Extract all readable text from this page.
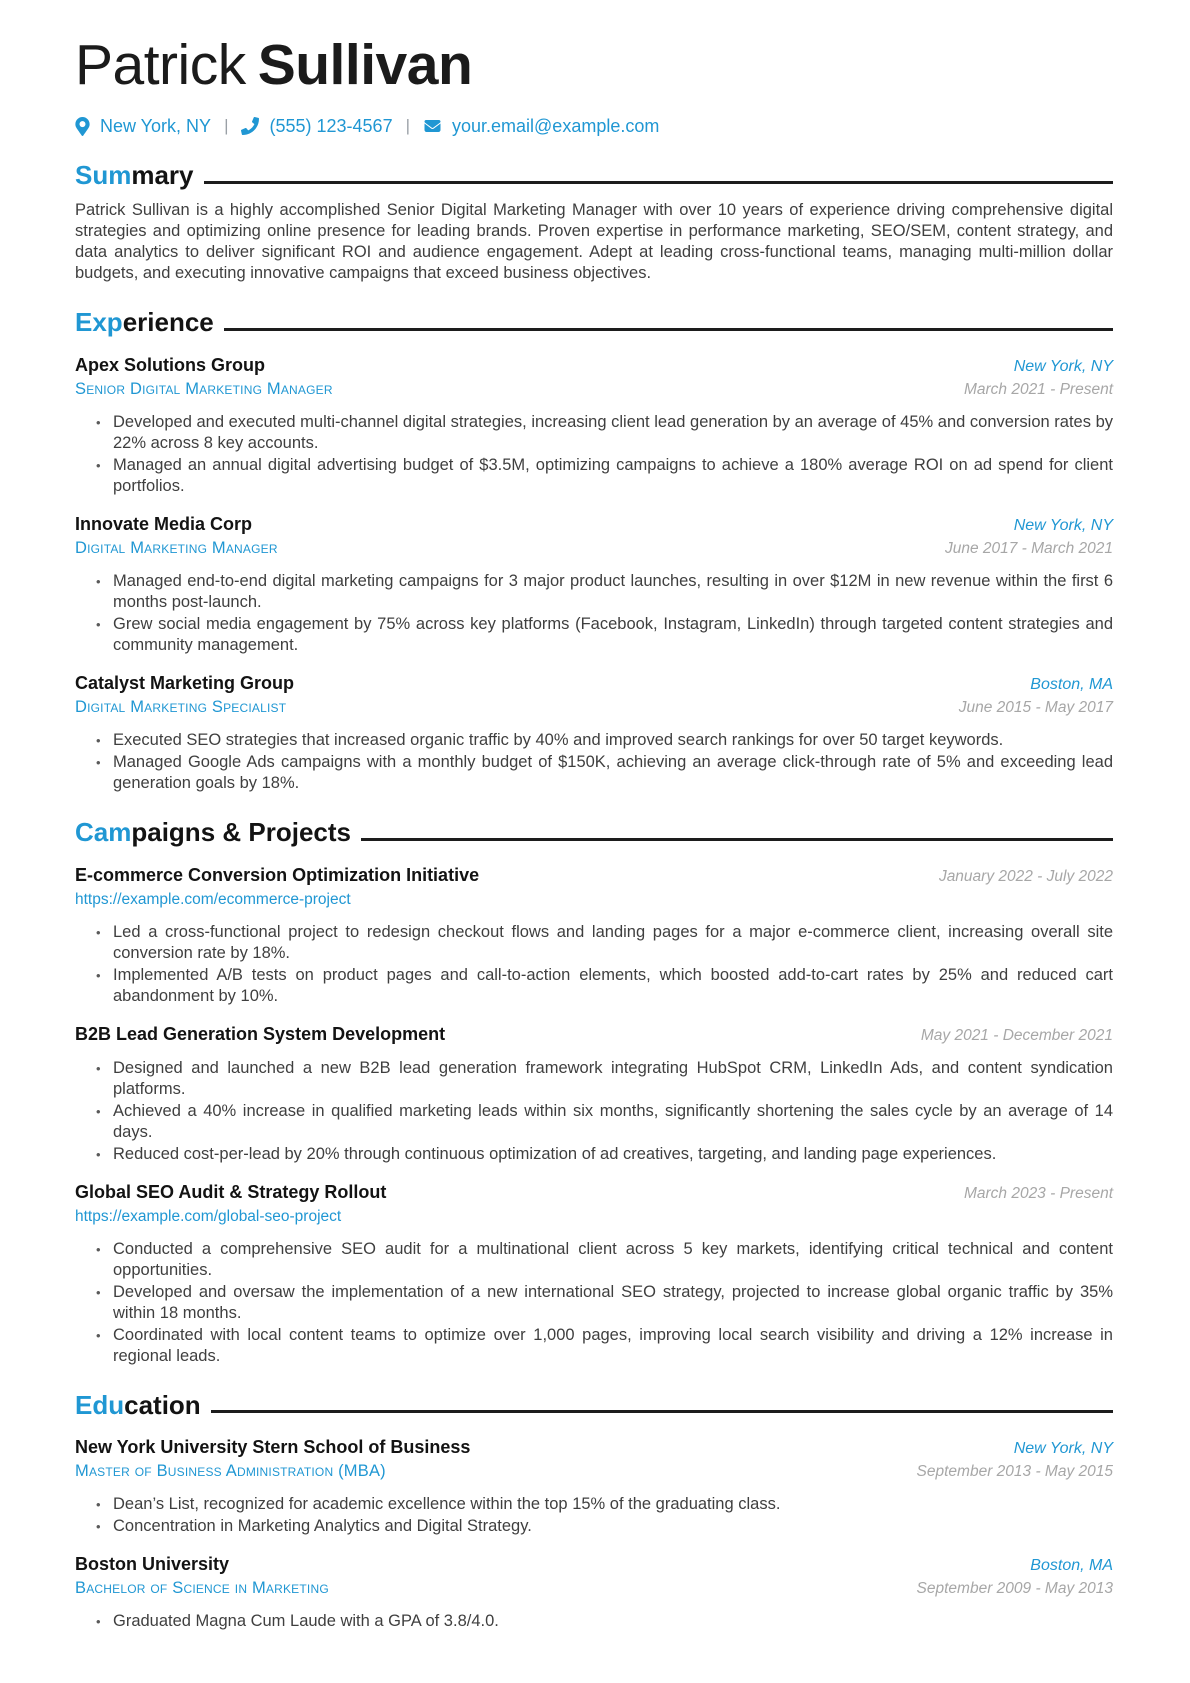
Patrick Sullivan
New York, NY | (555) 123-4567 | your.email@example.com
Sum mary

Patrick Sullivan is a highly accomplished Senior Digital Marketing Manager with over 10 years of experience driving comprehensive digital strategies and optimizing online presence for leading brands. Proven expertise in performance marketing, SEO/SEM, content strategy, and data analytics to deliver significant ROI and audience engagement. Adept at leading cross-functional teams, managing multi-million dollar budgets, and executing innovative campaigns that exceed business objectives.

Exp erience
Apex Solutions Group	New York, NY
Senior Digital Marketing Manager	March 2021 - Present
• Developed and executed multi-channel digital strategies, increasing client lead generation by an average of 45% and conversion rates by 22% across 8 key accounts.
• Managed an annual digital advertising budget of $3.5M, optimizing campaigns to achieve a 180% average ROI on ad spend for client portfolios.
Innovate Media Corp	New York, NY
Digital Marketing Manager	June 2017 - March 2021
• Managed end-to-end digital marketing campaigns for 3 major product launches, resulting in over $12M in new revenue within the first 6 months post-launch.
• Grew social media engagement by 75% across key platforms (Facebook, Instagram, LinkedIn) through targeted content strategies and community management.
Catalyst Marketing Group	Boston, MA
Digital Marketing Specialist	June 2015 - May 2017
• Executed SEO strategies that increased organic traffic by 40% and improved search rankings for over 50 target keywords.
• Managed Google Ads campaigns with a monthly budget of $150K, achieving an average click-through rate of 5% and exceeding lead generation goals by 18%.
Cam paigns & Projects
E-commerce Conversion Optimization Initiative	January 2022 - July 2022
https://example.com/ecommerce-project
• Led a cross-functional project to redesign checkout flows and landing pages for a major e-commerce client, increasing overall site conversion rate by 18%.
• Implemented A/B tests on product pages and call-to-action elements, which boosted add-to-cart rates by 25% and reduced cart abandonment by 10%.
B2B Lead Generation System Development	May 2021 - December 2021
• Designed and launched a new B2B lead generation framework integrating HubSpot CRM, LinkedIn Ads, and content syndication platforms.
• Achieved a 40% increase in qualified marketing leads within six months, significantly shortening the sales cycle by an average of 14 days.
• Reduced cost-per-lead by 20% through continuous optimization of ad creatives, targeting, and landing page experiences.
Global SEO Audit & Strategy Rollout	March 2023 - Present
https://example.com/global-seo-project
• Conducted a comprehensive SEO audit for a multinational client across 5 key markets, identifying critical technical and content opportunities.
• Developed and oversaw the implementation of a new international SEO strategy, projected to increase global organic traffic by 35% within 18 months.
• Coordinated with local content teams to optimize over 1,000 pages, improving local search visibility and driving a 12% increase in regional leads.
Edu cation
New York University Stern School of Business	New York, NY
Master of Business Administration (MBA)	September 2013 - May 2015
• Dean’s List, recognized for academic excellence within the top 15% of the graduating class.
• Concentration in Marketing Analytics and Digital Strategy.
Boston University	Boston, MA
Bachelor of Science in Marketing	September 2009 - May 2013
• Graduated Magna Cum Laude with a GPA of 3.8/4.0.
